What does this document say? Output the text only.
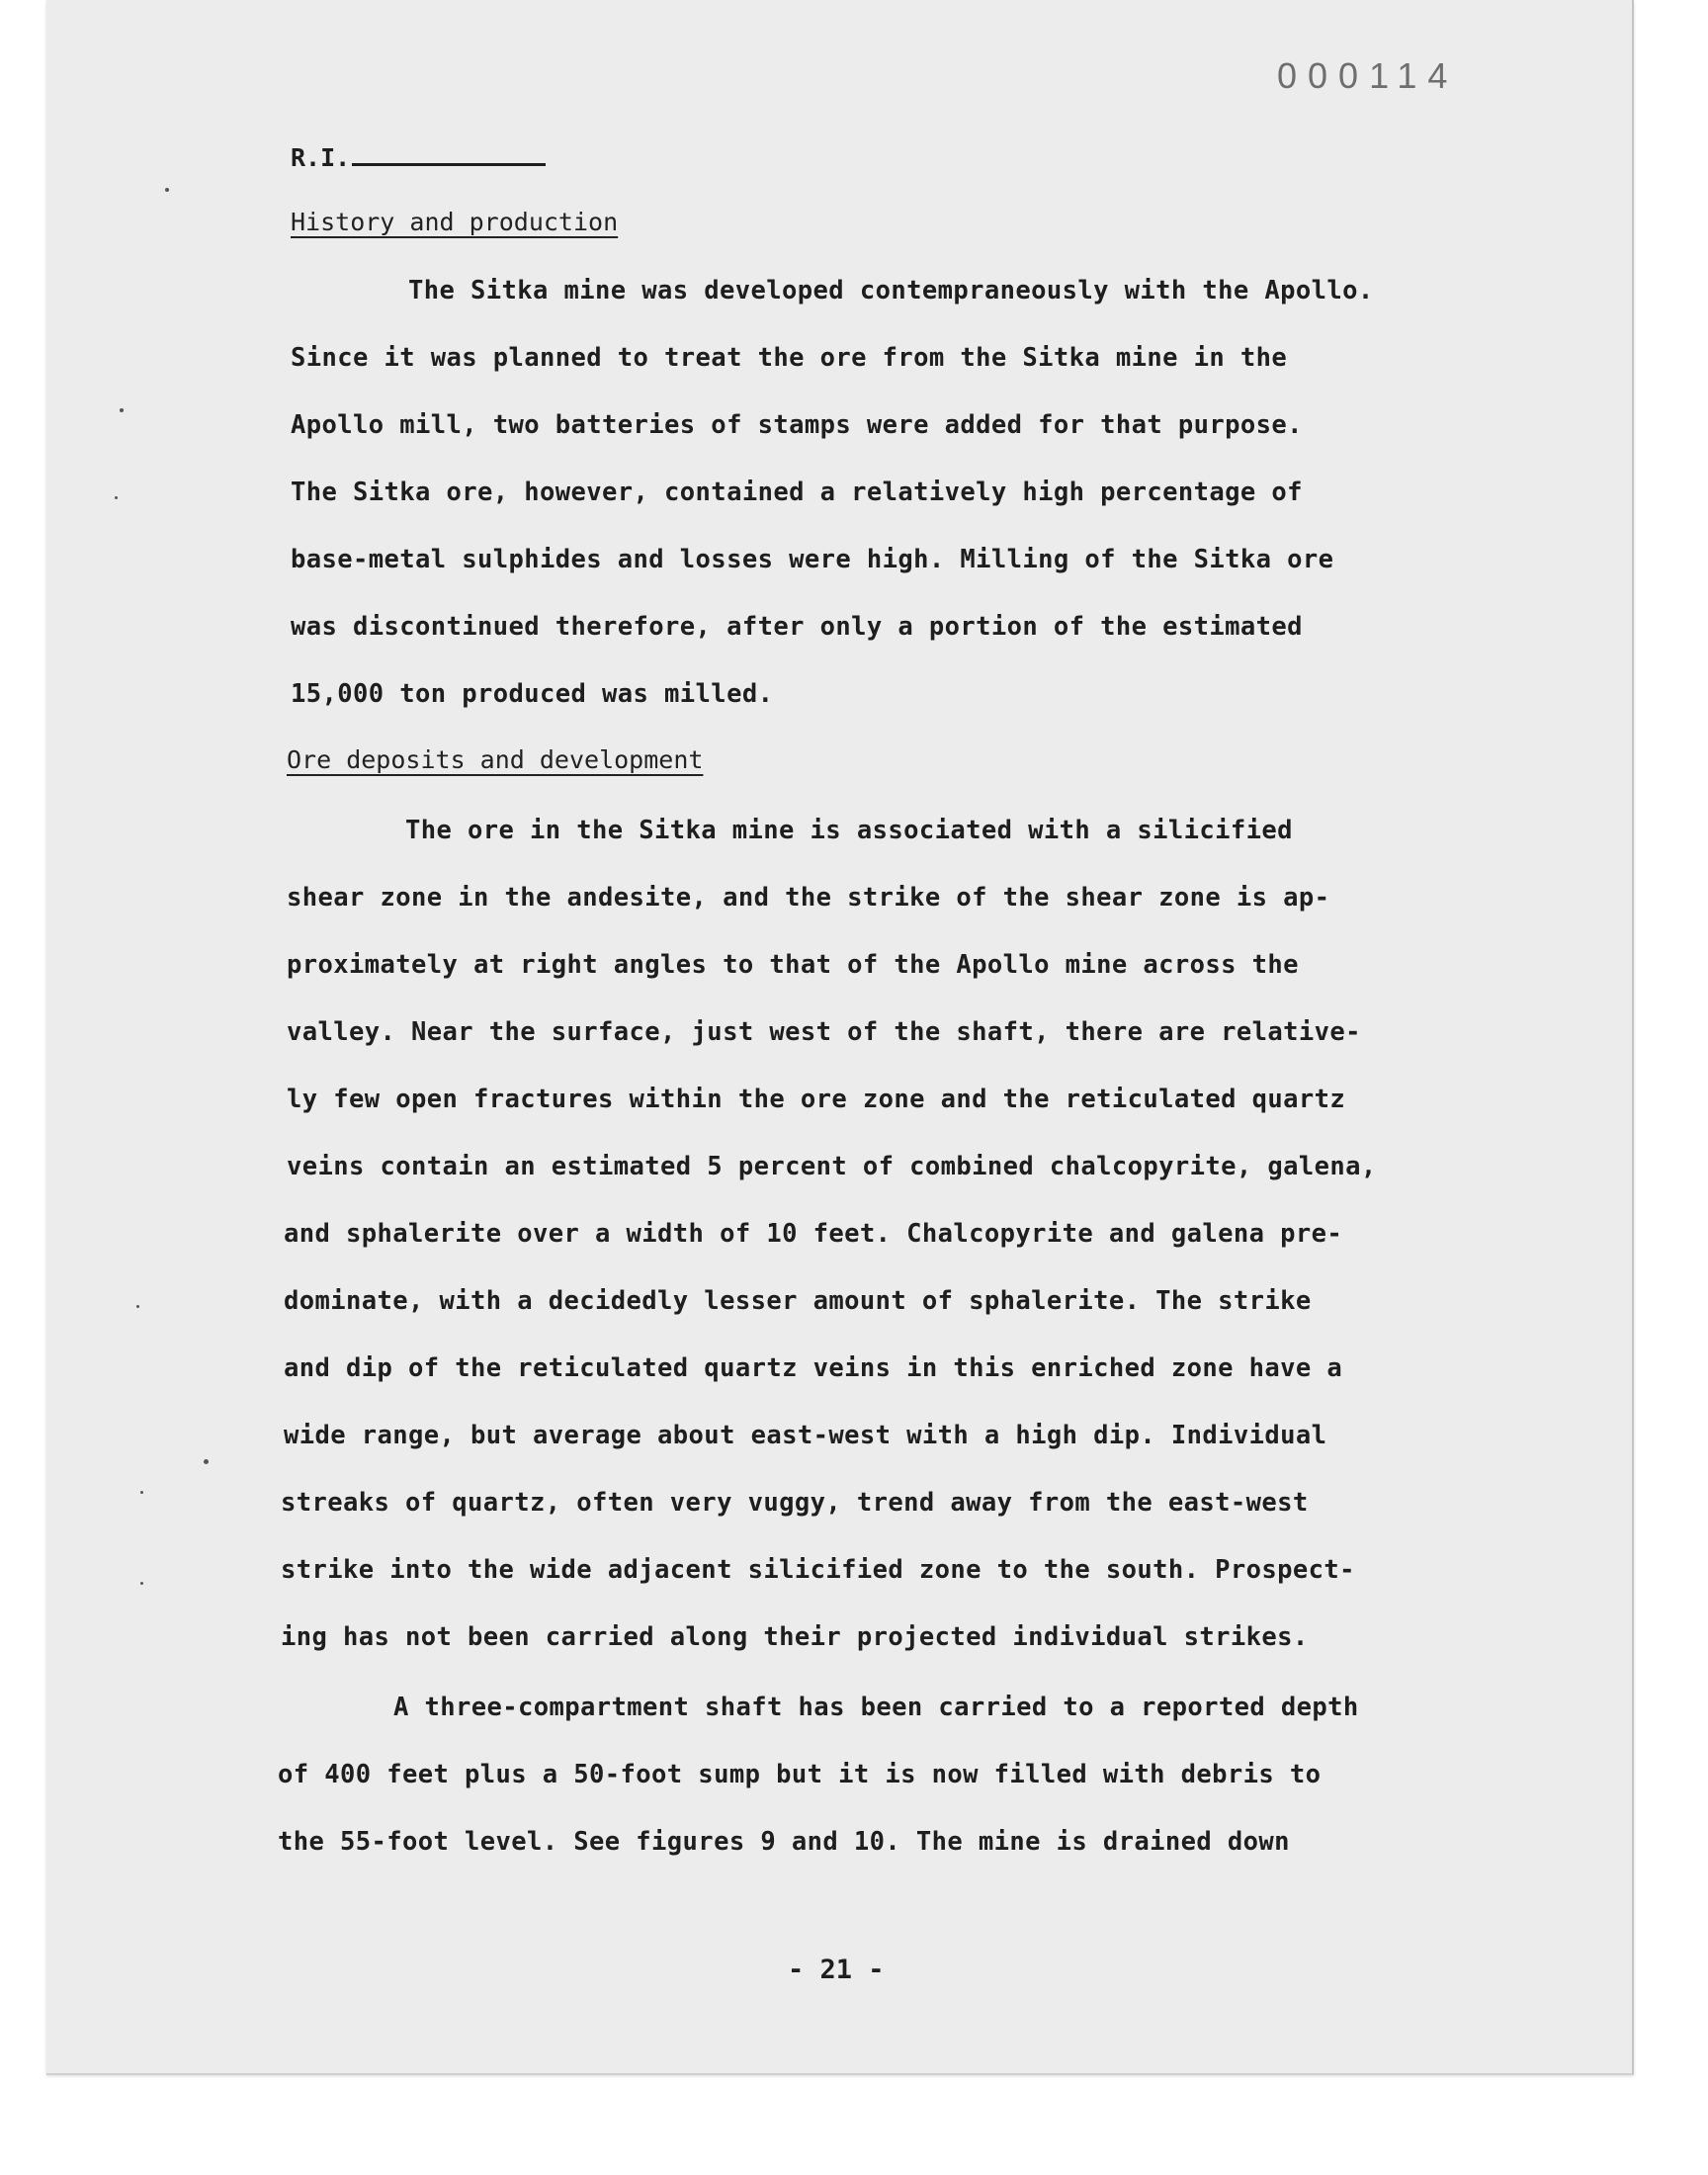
000114
R.I.
History and production
The Sitka mine was developed contempraneously with the Apollo.
Since it was planned to treat the ore from the Sitka mine in the
Apollo mill, two batteries of stamps were added for that purpose.
The Sitka ore, however, contained a relatively high percentage of
base-metal sulphides and losses were high. Milling of the Sitka ore
was discontinued therefore, after only a portion of the estimated
15,000 ton produced was milled.
Ore deposits and development
The ore in the Sitka mine is associated with a silicified
shear zone in the andesite, and the strike of the shear zone is ap-
proximately at right angles to that of the Apollo mine across the
valley. Near the surface, just west of the shaft, there are relative-
ly few open fractures within the ore zone and the reticulated quartz
veins contain an estimated 5 percent of combined chalcopyrite, galena,
and sphalerite over a width of 10 feet. Chalcopyrite and galena pre-
dominate, with a decidedly lesser amount of sphalerite. The strike
and dip of the reticulated quartz veins in this enriched zone have a
wide range, but average about east-west with a high dip. Individual
streaks of quartz, often very vuggy, trend away from the east-west
strike into the wide adjacent silicified zone to the south. Prospect-
ing has not been carried along their projected individual strikes.
A three-compartment shaft has been carried to a reported depth
of 400 feet plus a 50-foot sump but it is now filled with debris to
the 55-foot level. See figures 9 and 10. The mine is drained down
- 21 -
